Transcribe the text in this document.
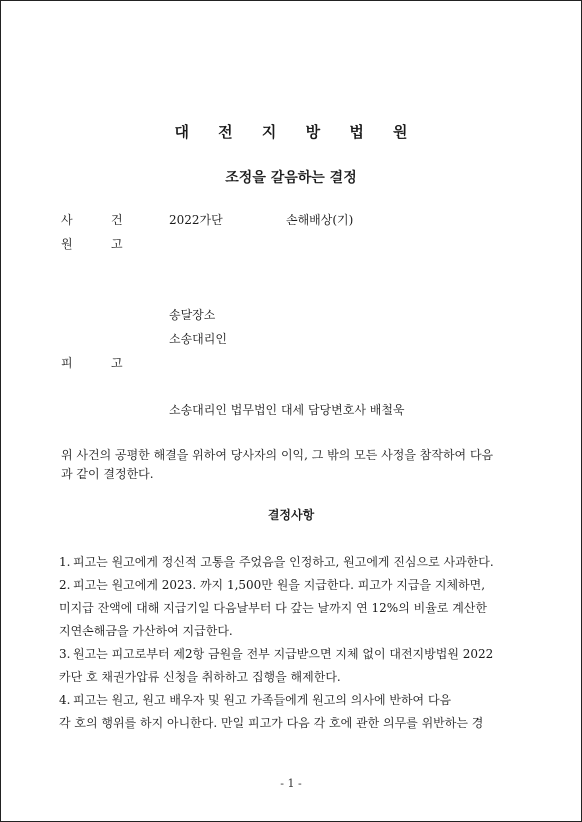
대 전 지 방 법 원
조정을 갈음하는 결정
사	건	2022가단	손해배상(기)
원	고
송달장소
소송대리인
피	고
소송대리인 법무법인 대세 담당변호사 배철욱
위 사건의 공평한 해결을 위하여 당사자의 이익, 그 밖의 모든 사정을 참작하여 다음
과 같이 결정한다.
결정사항
1. 피고는 원고에게 정신적 고통을 주었음을 인정하고, 원고에게 진심으로 사과한다.
2. 피고는 원고에게 2023. 까지 1,500만 원을 지급한다. 피고가 지급을 지체하면,
미지급 잔액에 대해 지급기일 다음날부터 다 갚는 날까지 연 12%의 비율로 계산한
지연손해금을 가산하여 지급한다.
3. 원고는 피고로부터 제2항 금원을 전부 지급받으면 지체 없이 대전지방법원 2022
카단 호 채권가압류 신청을 취하하고 집행을 해제한다.
4. 피고는 원고, 원고 배우자 및 원고 가족들에게 원고의 의사에 반하여 다음
각 호의 행위를 하지 아니한다. 만일 피고가 다음 각 호에 관한 의무를 위반하는 경
- 1 -
